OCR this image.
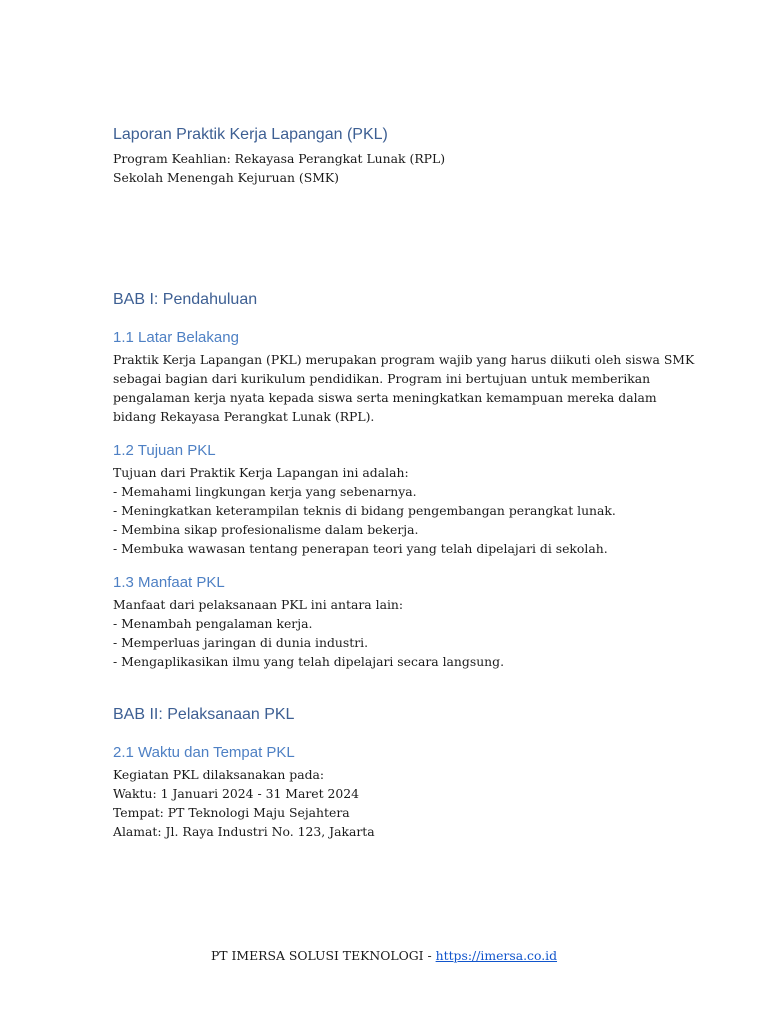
Laporan Praktik Kerja Lapangan (PKL)

Program Keahlian: Rekayasa Perangkat Lunak (RPL)

Sekolah Menengah Kejuruan (SMK)

BAB I: Pendahuluan
1.1 Latar Belakang

Praktik Kerja Lapangan (PKL) merupakan program wajib yang harus diikuti oleh siswa SMK

sebagai bagian dari kurikulum pendidikan. Program ini bertujuan untuk memberikan

pengalaman kerja nyata kepada siswa serta meningkatkan kemampuan mereka dalam

bidang Rekayasa Perangkat Lunak (RPL).

1.2 Tujuan PKL

Tujuan dari Praktik Kerja Lapangan ini adalah:

- Memahami lingkungan kerja yang sebenarnya.

- Meningkatkan keterampilan teknis di bidang pengembangan perangkat lunak.

- Membina sikap profesionalisme dalam bekerja.

- Membuka wawasan tentang penerapan teori yang telah dipelajari di sekolah.

1.3 Manfaat PKL

Manfaat dari pelaksanaan PKL ini antara lain:

- Menambah pengalaman kerja.

- Memperluas jaringan di dunia industri.

- Mengaplikasikan ilmu yang telah dipelajari secara langsung.

BAB II: Pelaksanaan PKL
2.1 Waktu dan Tempat PKL

Kegiatan PKL dilaksanakan pada:

Waktu: 1 Januari 2024 - 31 Maret 2024

Tempat: PT Teknologi Maju Sejahtera

Alamat: Jl. Raya Industri No. 123, Jakarta

PT IMERSA SOLUSI TEKNOLOGI - https://imersa.co.id
